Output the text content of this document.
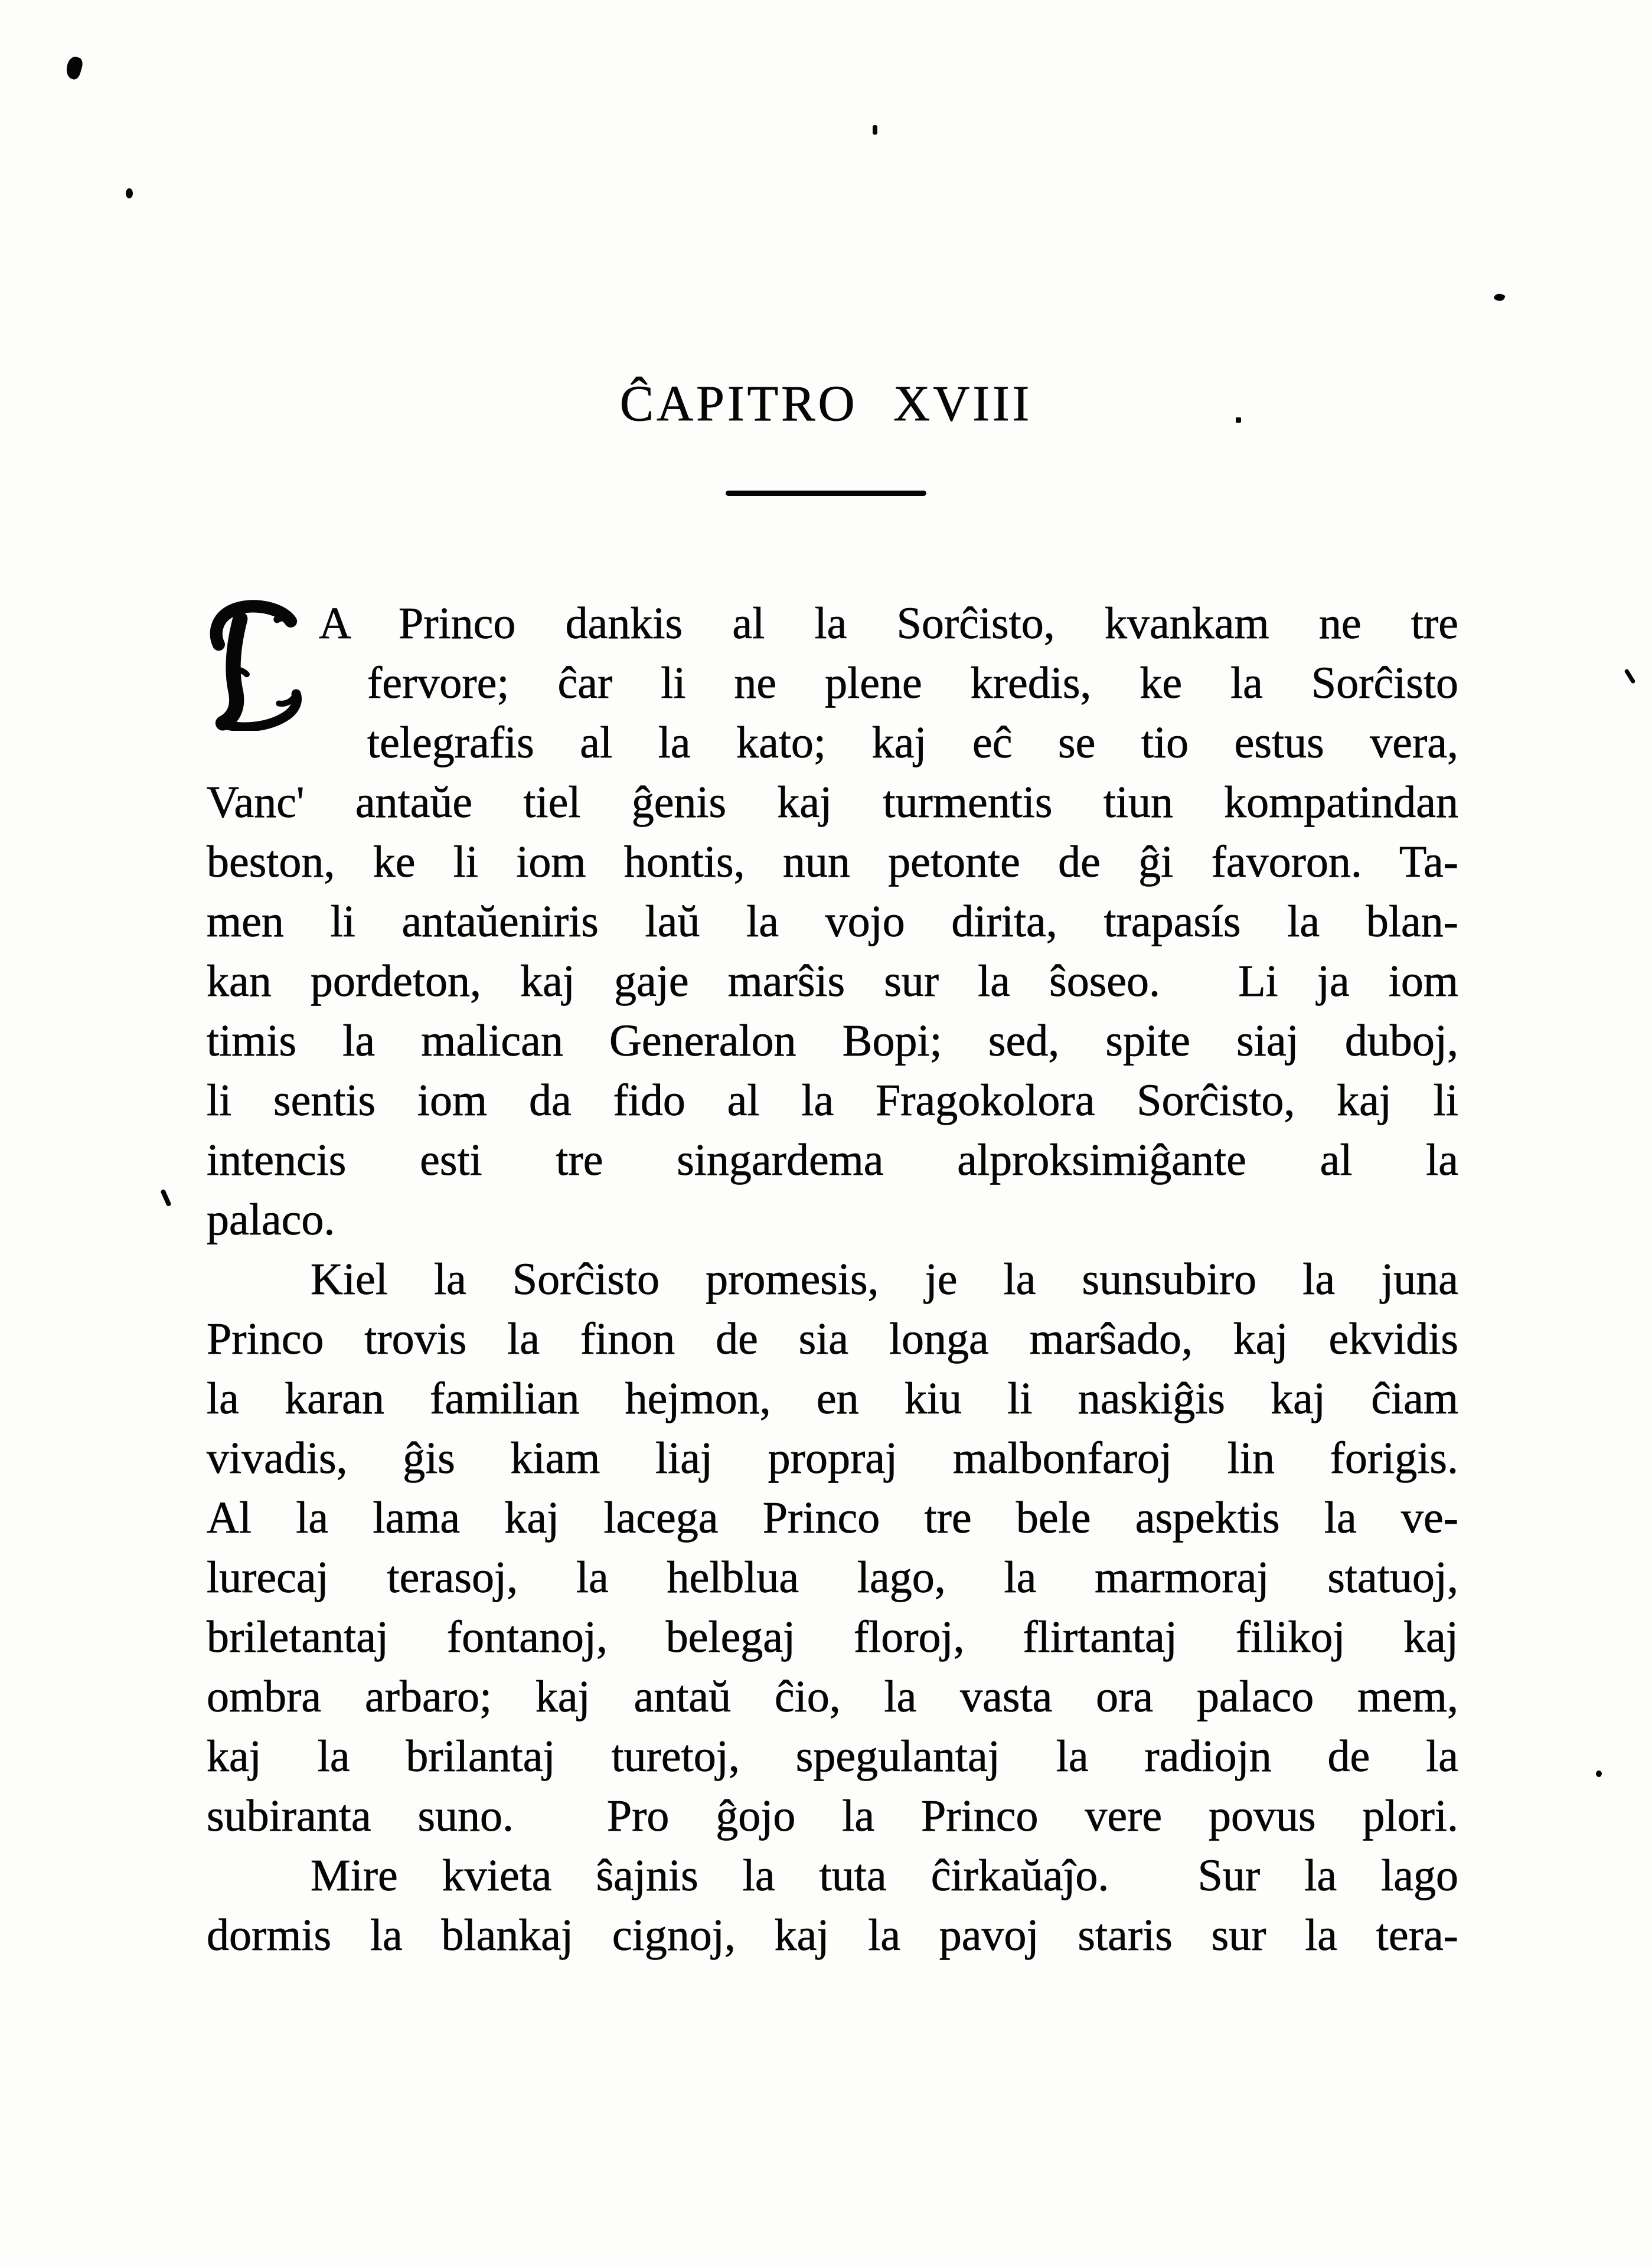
ĈAPITRO XVIII
A Princo dankis al la Sorĉisto, kvankam ne tre
fervore; ĉar li ne plene kredis, ke la Sorĉisto
telegrafis al la kato; kaj eĉ se tio estus vera,
Vanc' antaŭe tiel ĝenis kaj turmentis tiun kompatindan
beston, ke li iom hontis, nun petonte de ĝi favoron. Ta-
men li antaŭeniris laŭ la vojo dirita, trapasís la blan-
kan pordeton, kaj gaje marŝis sur la ŝoseo.  Li ja iom
timis la malican Generalon Bopi; sed, spite siaj duboj,
li sentis iom da fido al la Fragokolora Sorĉisto, kaj li
intencis esti tre singardema alproksimiĝante al la
palaco.
Kiel la Sorĉisto promesis, je la sunsubiro la juna
Princo trovis la finon de sia longa marŝado, kaj ekvidis
la karan familian hejmon, en kiu li naskiĝis kaj ĉiam
vivadis, ĝis kiam liaj propraj malbonfaroj lin forigis.
Al la lama kaj lacega Princo tre bele aspektis la ve-
lurecaj terasoj, la helblua lago, la marmoraj statuoj,
briletantaj fontanoj, belegaj floroj, flirtantaj filikoj kaj
ombra arbaro; kaj antaŭ ĉio, la vasta ora palaco mem,
kaj la brilantaj turetoj, spegulantaj la radiojn de la
subiranta suno.  Pro ĝojo la Princo vere povus plori.
Mire kvieta ŝajnis la tuta ĉirkaŭaĵo.  Sur la lago
dormis la blankaj cignoj, kaj la pavoj staris sur la tera-
